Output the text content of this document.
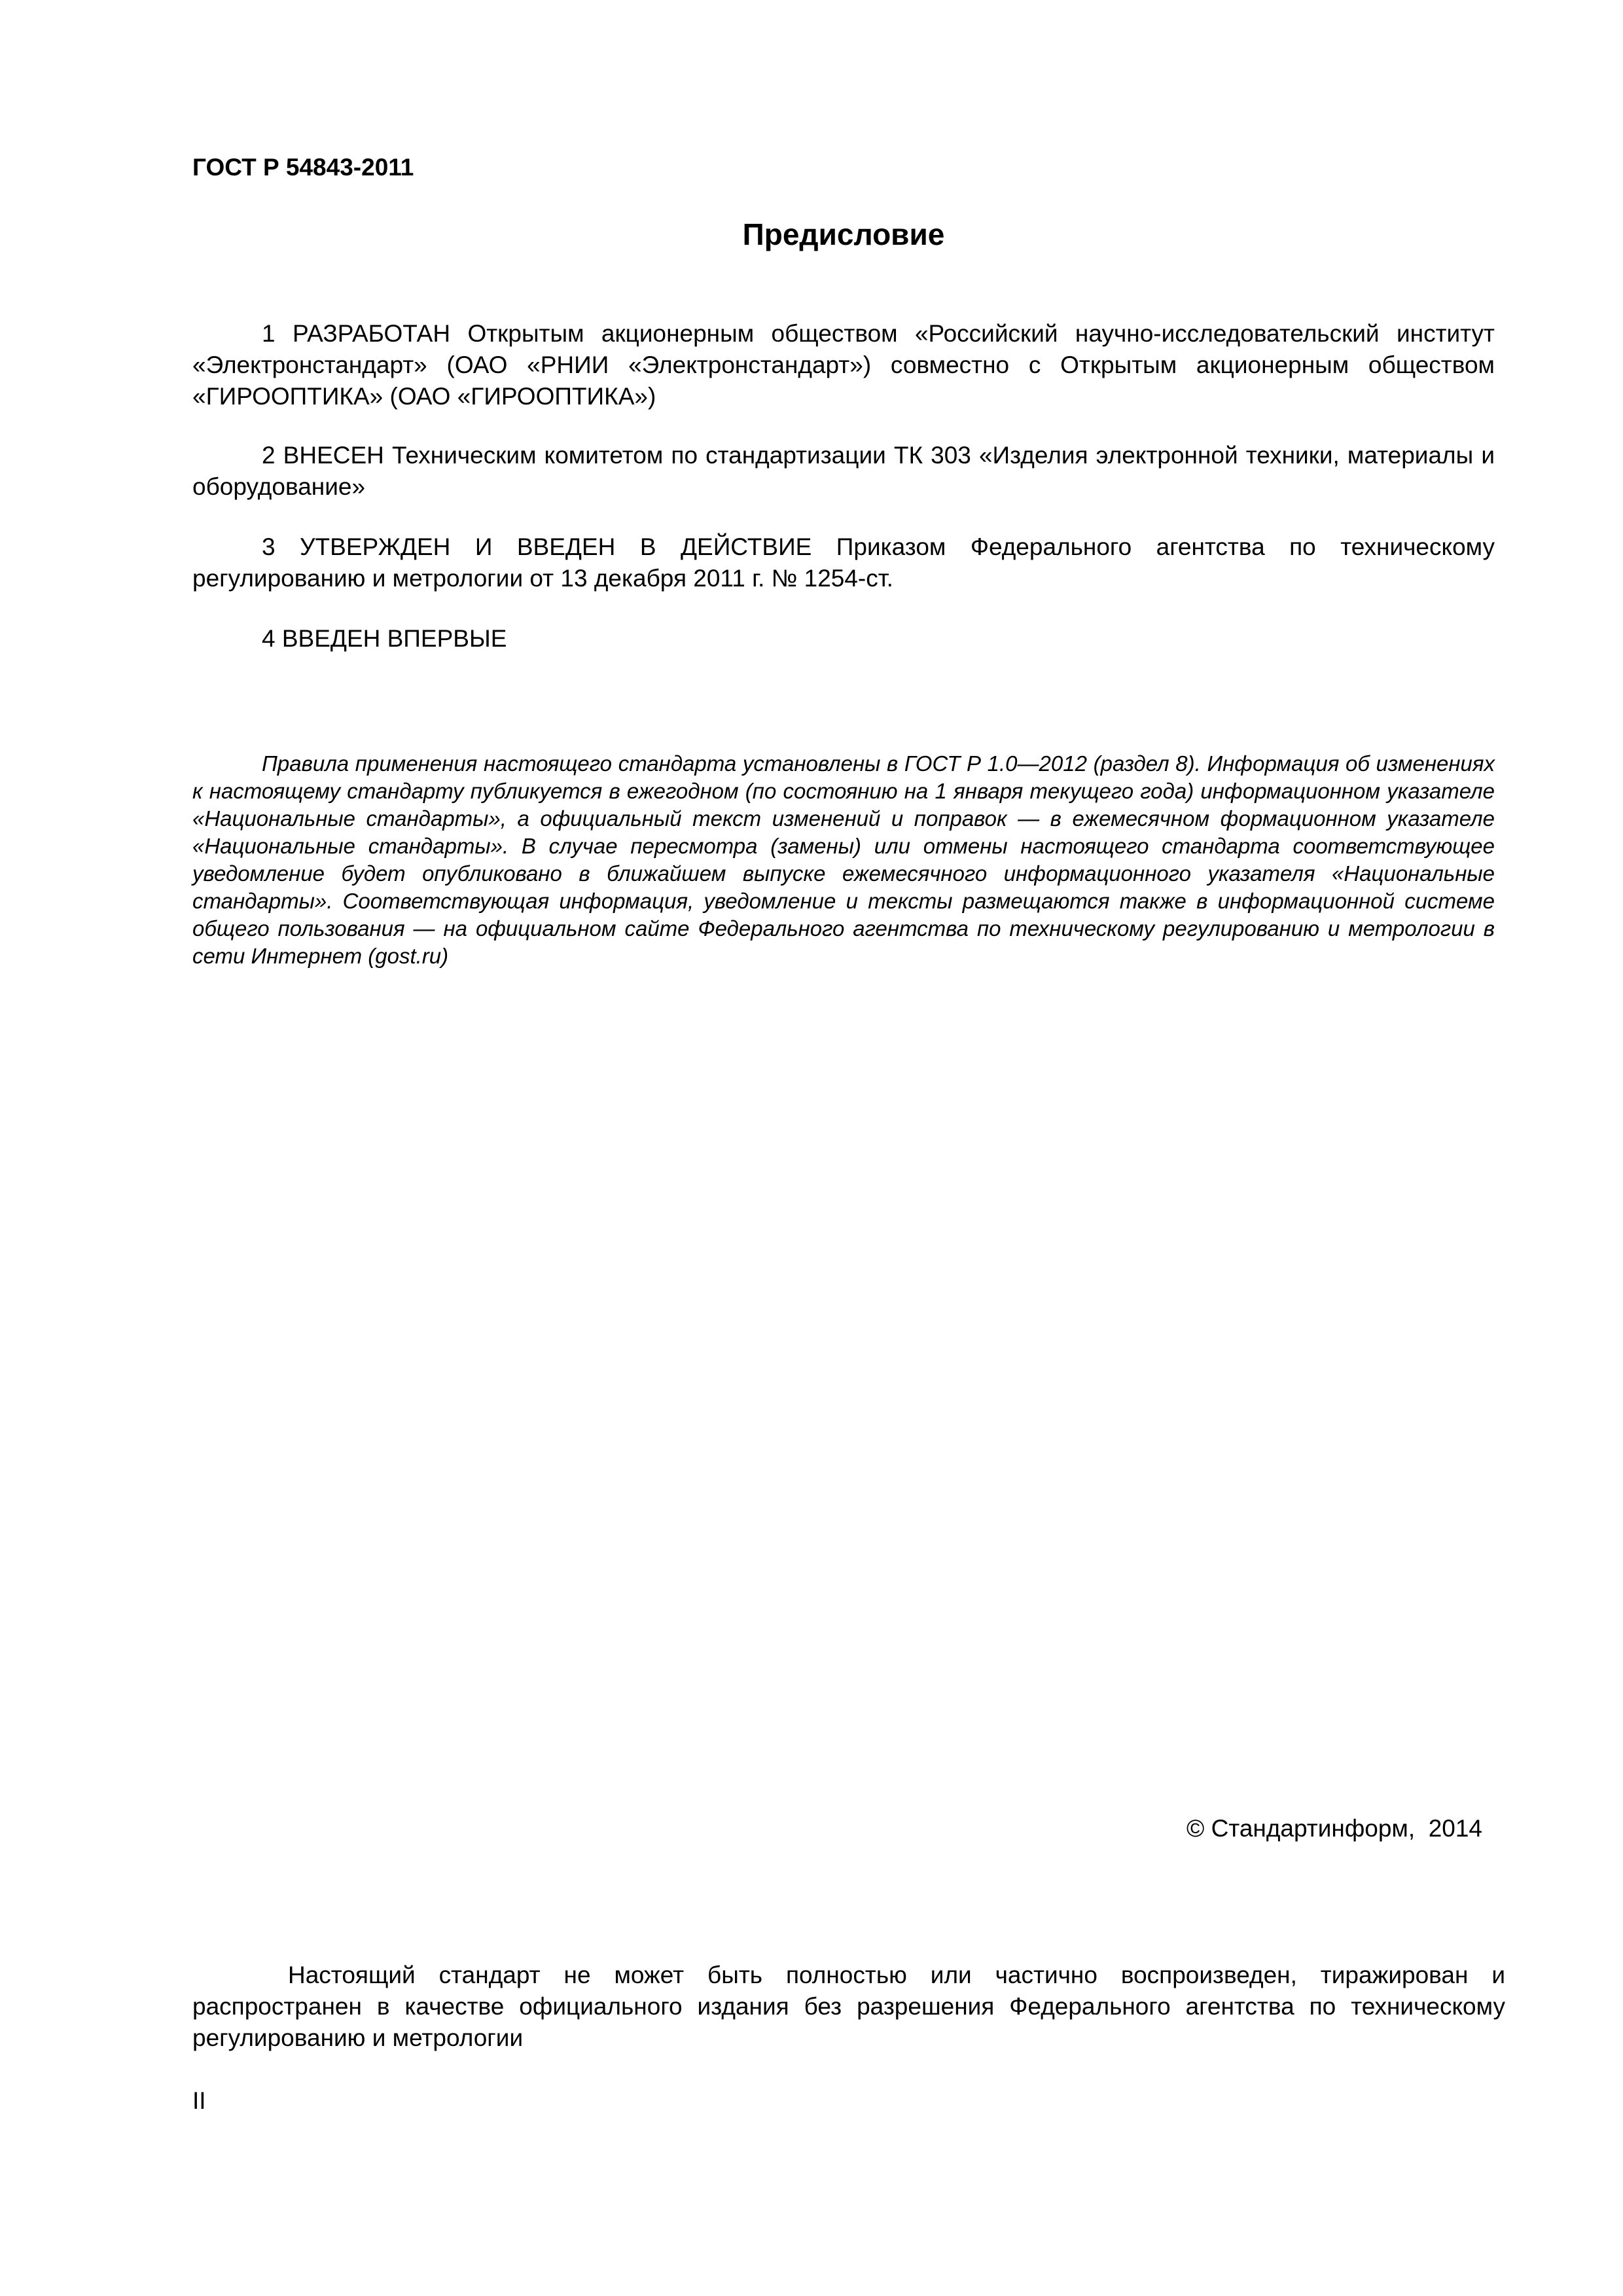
ГОСТ Р 54843-2011

Предисловие

1 РАЗРАБОТАН Открытым акционерным обществом «Российский научно-исследовательский институт «Электронстандарт» (ОАО «РНИИ «Электронстандарт») совместно с Открытым акционерным обществом «ГИРООПТИКА» (ОАО «ГИРООПТИКА»)

2 ВНЕСЕН Техническим комитетом по стандартизации ТК 303 «Изделия электронной техники, материалы и оборудование»

3 УТВЕРЖДЕН И ВВЕДЕН В ДЕЙСТВИЕ Приказом Федерального агентства по техническому регулированию и метрологии от 13 декабря 2011 г. № 1254-ст.

4 ВВЕДЕН ВПЕРВЫЕ

Правила применения настоящего стандарта установлены в ГОСТ Р 1.0—2012 (раздел 8). Информация об изменениях к настоящему стандарту публикуется в ежегодном (по состоянию на 1 января текущего года) информационном указателе «Национальные стандарты», а официальный текст изменений и поправок — в ежемесячном формационном указателе «Национальные стандарты». В случае пересмотра (замены) или отмены настоящего стандарта соответствующее уведомление будет опубликовано в ближайшем выпуске ежемесячного информационного указателя «Национальные стандарты». Соответствующая информация, уведомление и тексты размещаются также в информационной системе общего пользования — на официальном сайте Федерального агентства по техническому регулированию и метрологии в сети Интернет (gost.ru)

© Стандартинформ,  2014

Настоящий стандарт не может быть полностью или частично воспроизведен, тиражирован и распространен в качестве официального издания без разрешения Федерального агентства по техническому регулированию и метрологии

II
